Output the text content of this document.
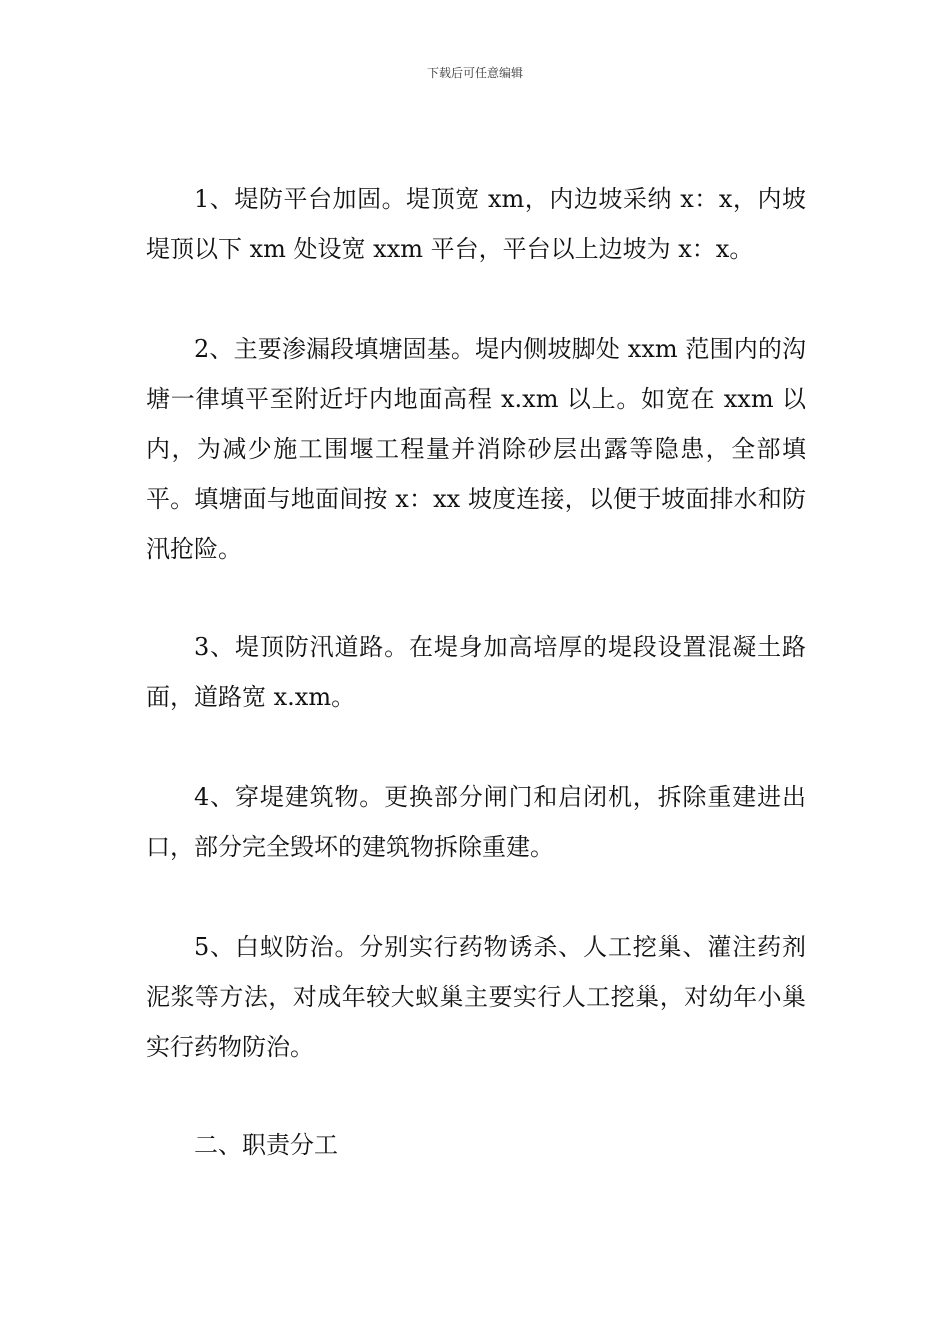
下载后可任意编辑

1、堤防平台加固。堤顶宽 xm，内边坡采纳 x：x，内坡堤顶以下 xm 处设宽 xxm 平台，平台以上边坡为 x：x。

2、主要渗漏段填塘固基。堤内侧坡脚处 xxm 范围内的沟塘一律填平至附近圩内地面高程 x.xm 以上。如宽在 xxm 以内，为减少施工围堰工程量并消除砂层出露等隐患，全部填平。填塘面与地面间按 x：xx 坡度连接，以便于坡面排水和防汛抢险。

3、堤顶防汛道路。在堤身加高培厚的堤段设置混凝土路面，道路宽 x.xm。

4、穿堤建筑物。更换部分闸门和启闭机，拆除重建进出口，部分完全毁坏的建筑物拆除重建。

5、白蚁防治。分别实行药物诱杀、人工挖巢、灌注药剂泥浆等方法，对成年较大蚁巢主要实行人工挖巢，对幼年小巢实行药物防治。

二、职责分工
